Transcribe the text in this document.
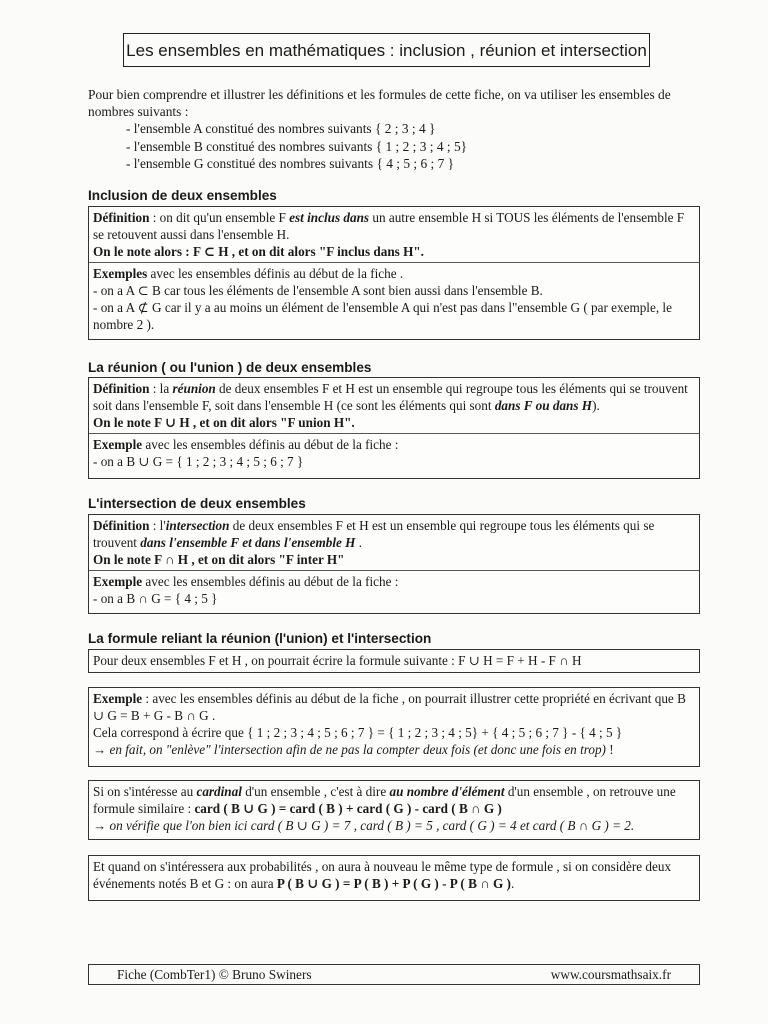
Les ensembles en mathématiques : inclusion , réunion et intersection

Pour bien comprendre et illustrer les définitions et les formules de cette fiche, on va utiliser les ensembles de nombres suivants :

- l'ensemble A constitué des nombres suivants { 2 ; 3 ; 4 }
- l'ensemble B constitué des nombres suivants { 1 ; 2 ; 3 ; 4 ; 5}
- l'ensemble G constitué des nombres suivants { 4 ; 5 ; 6 ; 7 }
Inclusion de deux ensembles

Définition : on dit qu'un ensemble F est inclus dans un autre ensemble H si TOUS les éléments de l'ensemble F se retouvent aussi dans l'ensemble H.

On le note alors : F ⊂ H , et on dit alors "F inclus dans H".

Exemples avec les ensembles définis au début de la fiche .

- on a A ⊂ B car tous les éléments de l'ensemble A sont bien aussi dans l'ensemble B.

- on a A ⊄ G car il y a au moins un élément de l'ensemble A qui n'est pas dans l"ensemble G ( par exemple, le nombre 2 ).

La réunion ( ou l'union ) de deux ensembles

Définition : la réunion de deux ensembles F et H est un ensemble qui regroupe tous les éléments qui se trouvent soit dans l'ensemble F, soit dans l'ensemble H (ce sont les éléments qui sont dans F ou dans H).

On le note F ∪ H , et on dit alors "F union H".

Exemple avec les ensembles définis au début de la fiche :

- on a B ∪ G = { 1 ; 2 ; 3 ; 4 ; 5 ; 6 ; 7 }

L'intersection de deux ensembles

Définition : l'intersection de deux ensembles F et H est un ensemble qui regroupe tous les éléments qui se trouvent dans l'ensemble F et dans l'ensemble H .

On le note F ∩ H , et on dit alors "F inter H"

Exemple avec les ensembles définis au début de la fiche :

- on a B ∩ G = { 4 ; 5 }

La formule reliant la réunion (l'union) et l'intersection
Pour deux ensembles F et H , on pourrait écrire la formule suivante : F ∪ H = F + H - F ∩ H

Exemple : avec les ensembles définis au début de la fiche , on pourrait illustrer cette propriété en écrivant que B ∪ G = B + G - B ∩ G .

Cela correspond à écrire que { 1 ; 2 ; 3 ; 4 ; 5 ; 6 ; 7 } = { 1 ; 2 ; 3 ; 4 ; 5} + { 4 ; 5 ; 6 ; 7 } - { 4 ; 5 }

→ en fait, on "enlève" l'intersection afin de ne pas la compter deux fois (et donc une fois en trop) !

Si on s'intéresse au cardinal d'un ensemble , c'est à dire au nombre d'élément d'un ensemble , on retrouve une formule similaire : card ( B ∪ G ) = card ( B ) + card ( G ) - card ( B ∩ G )

→ on vérifie que l'on bien ici card ( B ∪ G ) = 7 , card ( B ) = 5 , card ( G ) = 4 et card ( B ∩ G ) = 2.

Et quand on s'intéressera aux probabilités , on aura à nouveau le même type de formule , si on considère deux événements notés B et G : on aura P ( B ∪ G ) = P ( B ) + P ( G ) - P ( B ∩ G ).

Fiche (CombTer1) © Bruno Swiners	www.coursmathsaix.fr
